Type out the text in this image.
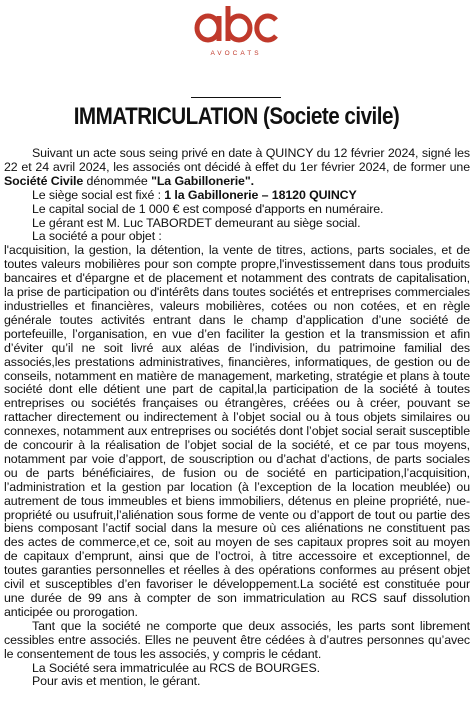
AVOCATS
IMMATRICULATION (Societe civile)

Suivant un acte sous seing privé en date à QUINCY du 12 février 2024, signé les 22 et 24 avril 2024, les associés ont décidé à effet du 1er février 2024, de former une Société Civile dénommée "La Gabillonerie".

Le siège social est fixé : 1 la Gabillonerie – 18120 QUINCY

Le capital social de 1 000 € est composé d'apports en numéraire.

Le gérant est M. Luc TABORDET demeurant au siège social.

La société a pour objet :

l'acquisition, la gestion, la détention, la vente de titres, actions, parts sociales, et de toutes valeurs mobilières pour son compte propre,l'investissement dans tous produits bancaires et d'épargne et de placement et notamment des contrats de capitalisation, la prise de participation ou d'intérêts dans toutes sociétés et entreprises commerciales industrielles et financières, valeurs mobilières, cotées ou non cotées, et en règle générale toutes activités entrant dans le champ d’application d’une société de portefeuille, l’organisation, en vue d’en faciliter la gestion et la transmission et afin d’éviter qu’il ne soit livré aux aléas de l’indivision, du patrimoine familial des associés,les prestations administratives, financières, informatiques, de gestion ou de conseils, notamment en matière de management, marketing, stratégie et plans à toute société dont elle détient une part de capital,la participation de la société à toutes entreprises ou sociétés françaises ou étrangères, créées ou à créer, pouvant se rattacher directement ou indirectement à l’objet social ou à tous objets similaires ou connexes, notamment aux entreprises ou sociétés dont l’objet social serait susceptible de concourir à la réalisation de l’objet social de la société, et ce par tous moyens, notamment par voie d’apport, de souscription ou d’achat d’actions, de parts sociales ou de parts bénéficiaires, de fusion ou de société en participation,l’acquisition, l’administration et la gestion par location (à l’exception de la location meublée) ou autrement de tous immeubles et biens immobiliers, détenus en pleine propriété, nue-propriété ou usufruit,l’aliénation sous forme de vente ou d’apport de tout ou partie des biens composant l’actif social dans la mesure où ces aliénations ne constituent pas des actes de commerce,et ce, soit au moyen de ses capitaux propres soit au moyen de capitaux d’emprunt, ainsi que de l’octroi, à titre accessoire et exceptionnel, de toutes garanties personnelles et réelles à des opérations conformes au présent objet civil et susceptibles d’en favoriser le développement.La société est constituée pour une durée de 99 ans à compter de son immatriculation au RCS sauf dissolution anticipée ou prorogation.

Tant que la société ne comporte que deux associés, les parts sont librement cessibles entre associés. Elles ne peuvent être cédées à d’autres personnes qu’avec le consentement de tous les associés, y compris le cédant.

La Société sera immatriculée au RCS de BOURGES.

Pour avis et mention, le gérant.
